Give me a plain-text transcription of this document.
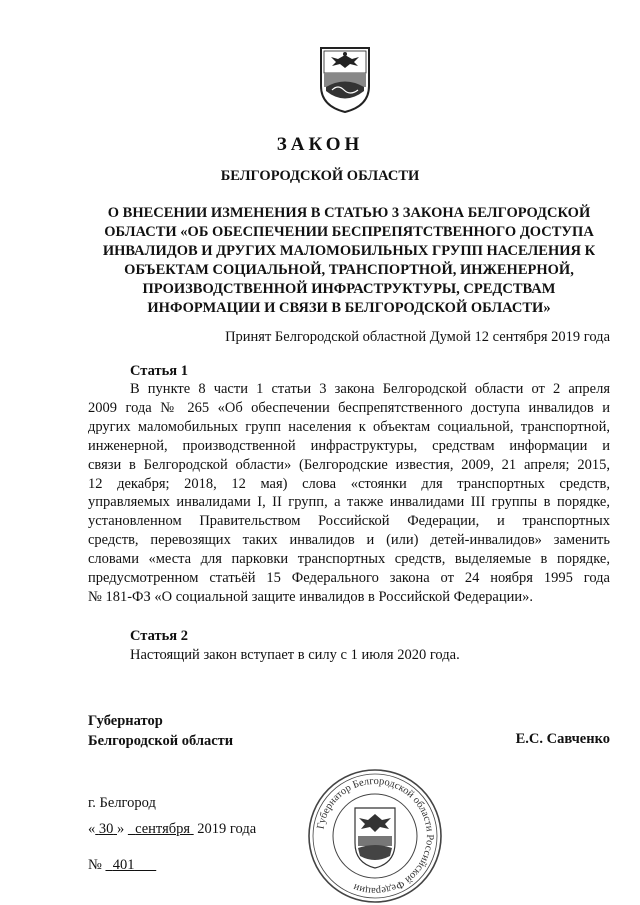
ЗАКОН
БЕЛГОРОДСКОЙ ОБЛАСТИ
О ВНЕСЕНИИ ИЗМЕНЕНИЯ В СТАТЬЮ 3 ЗАКОНА БЕЛГОРОДСКОЙ
ОБЛАСТИ «ОБ ОБЕСПЕЧЕНИИ БЕСПРЕПЯТСТВЕННОГО ДОСТУПА
ИНВАЛИДОВ И ДРУГИХ МАЛОМОБИЛЬНЫХ ГРУПП НАСЕЛЕНИЯ К
ОБЪЕКТАМ СОЦИАЛЬНОЙ, ТРАНСПОРТНОЙ, ИНЖЕНЕРНОЙ,
ПРОИЗВОДСТВЕННОЙ ИНФРАСТРУКТУРЫ, СРЕДСТВАМ
ИНФОРМАЦИИ И СВЯЗИ В БЕЛГОРОДСКОЙ ОБЛАСТИ»
Принят Белгородской областной Думой 12 сентября 2019 года
Статья 1
В пункте 8 части 1 статьи 3 закона Белгородской области от 2 апреля
2009 года № 265 «Об обеспечении беспрепятственного доступа инвалидов и
других маломобильных групп населения к объектам социальной, транспортной,
инженерной, производственной инфраструктуры, средствам информации и
связи в Белгородской области» (Белгородские известия, 2009, 21 апреля; 2015,
12 декабря; 2018, 12 мая) слова «стоянки для транспортных средств,
управляемых инвалидами I, II групп, а также инвалидами III группы в порядке,
установленном Правительством Российской Федерации, и транспортных
средств, перевозящих таких инвалидов и (или) детей-инвалидов» заменить
словами «места для парковки транспортных средств, выделяемые в порядке,
предусмотренном статьёй 15 Федерального закона от 24 ноября 1995 года
№ 181-ФЗ «О социальной защите инвалидов в Российской Федерации».
Статья 2
Настоящий закон вступает в силу с 1 июля 2020 года.
Губернатор
Белгородской области	Е.С. Савченко
г. Белгород
« 30 » сентября 2019 года
№ 401
Губернатор Белгородской области Российской Федерации
